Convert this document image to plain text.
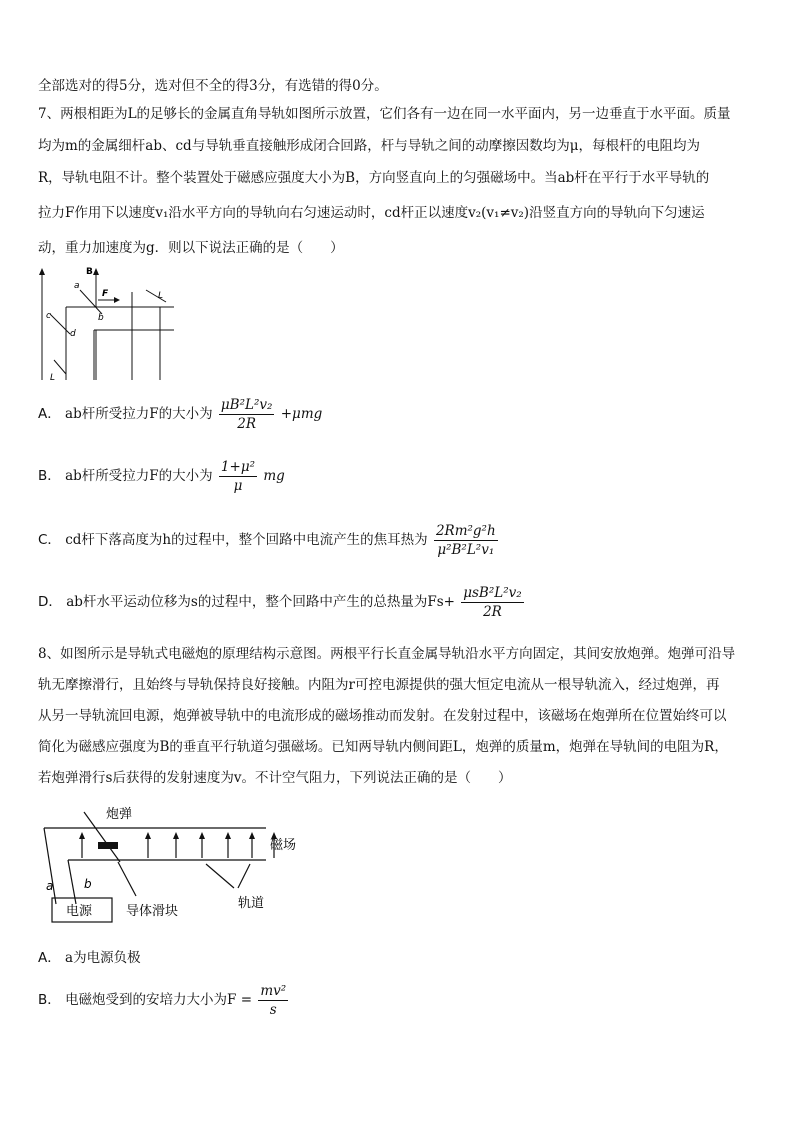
全部选对的得5分，选对但不全的得3分，有选错的得0分。
7、两根相距为L的足够长的金属直角导轨如图所示放置，它们各有一边在同一水平面内，另一边垂直于水平面。质量
均为m的金属细杆ab、cd与导轨垂直接触形成闭合回路，杆与导轨之间的动摩擦因数均为μ，每根杆的电阻均为
R，导轨电阻不计。整个装置处于磁感应强度大小为B，方向竖直向上的匀强磁场中。当ab杆在平行于水平导轨的
拉力F作用下以速度v₁沿水平方向的导轨向右匀速运动时，cd杆正以速度v₂(v₁≠v₂)沿竖直方向的导轨向下匀速运
动，重力加速度为g．则以下说法正确的是（　　）
B
a
F
b
L
c
d
L
A． ab杆所受拉力F的大小为 $\frac{\text{μB²L²v₂}}{2R} +\mu mg$
B． ab杆所受拉力F的大小为 $\frac{\text{1+μ²}}{\mu}$ mg
C． cd杆下落高度为h的过程中，整个回路中电流产生的焦耳热为 $\frac{\text{2Rm²g²h}}{\text{μ²B²L²v₁}}$
D． ab杆水平运动位移为s的过程中，整个回路中产生的总热量为$Fs+ \frac{\text{μsB²L²v₂}}{2R}$
8、如图所示是导轨式电磁炮的原理结构示意图。两根平行长直金属导轨沿水平方向固定，其间安放炮弹。炮弹可沿导
轨无摩擦滑行，且始终与导轨保持良好接触。内阻为r可控电源提供的强大恒定电流从一根导轨流入，经过炮弹，再
从另一导轨流回电源，炮弹被导轨中的电流形成的磁场推动而发射。在发射过程中，该磁场在炮弹所在位置始终可以
简化为磁感应强度为B的垂直平行轨道匀强磁场。已知两导轨内侧间距L，炮弹的质量m，炮弹在导轨间的电阻为R，
若炮弹滑行s后获得的发射速度为v。不计空气阻力，下列说法正确的是（　　）
炮弹
磁场
a	b
电源	导体滑块
轨道
A． a为电源负极
B． 电磁炮受到的安培力大小为$F = \frac{\text{mv²}}{s}$
